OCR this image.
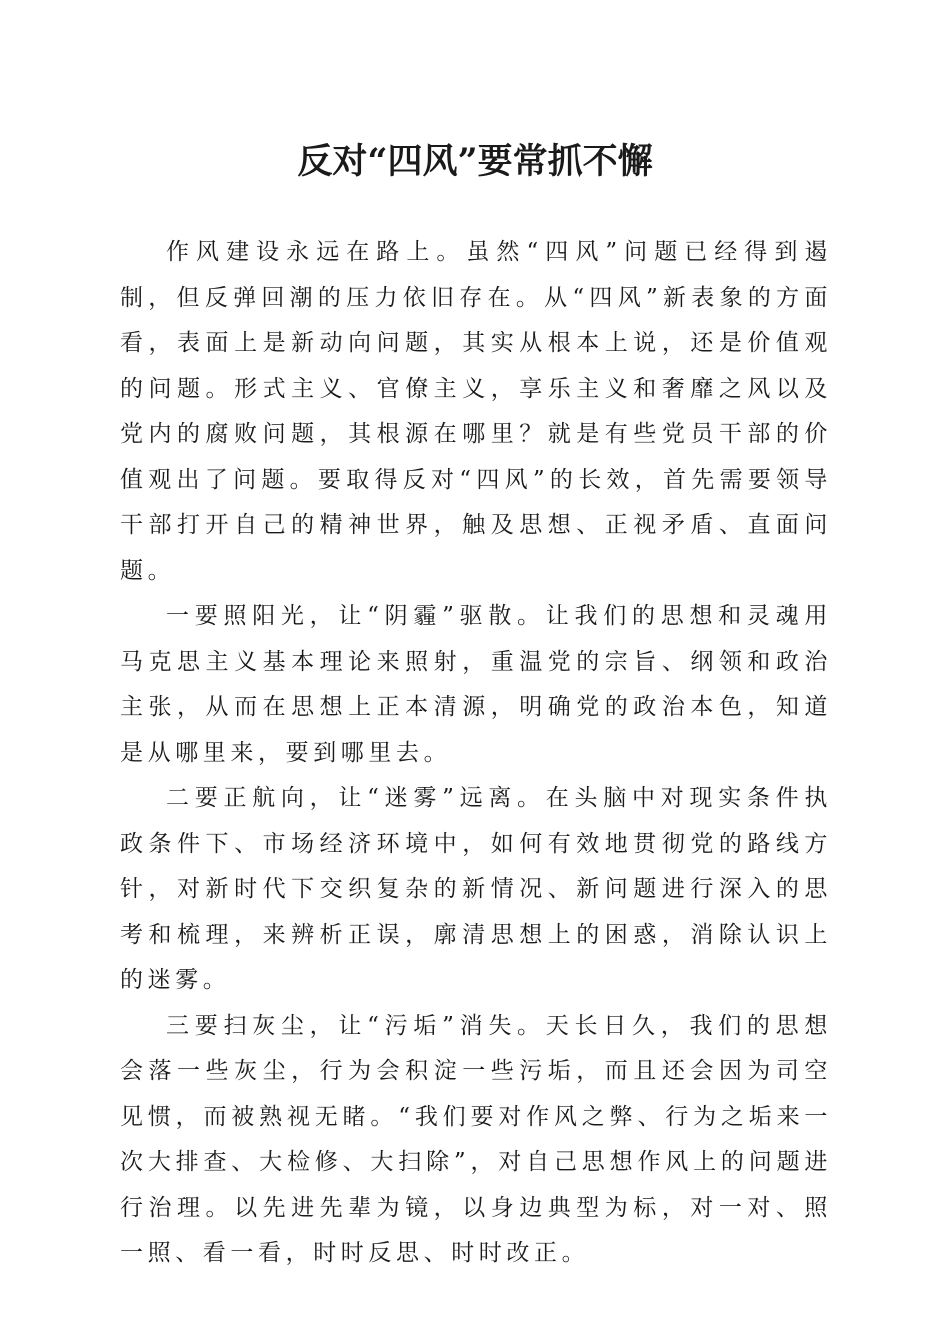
反对“四风”要常抓不懈

作风建设永远在路上。虽然“四风”问题已经得到遏制，但反弹回潮的压力依旧存在。从“四风”新表象的方面看，表面上是新动向问题，其实从根本上说，还是价值观的问题。形式主义、官僚主义，享乐主义和奢靡之风以及党内的腐败问题，其根源在哪里？就是有些党员干部的价值观出了问题。要取得反对“四风”的长效，首先需要领导干部打开自己的精神世界，触及思想、正视矛盾、直面问题。

一要照阳光，让“阴霾”驱散。让我们的思想和灵魂用马克思主义基本理论来照射，重温党的宗旨、纲领和政治主张，从而在思想上正本清源，明确党的政治本色，知道是从哪里来，要到哪里去。

二要正航向，让“迷雾”远离。在头脑中对现实条件执政条件下、市场经济环境中，如何有效地贯彻党的路线方针，对新时代下交织复杂的新情况、新问题进行深入的思考和梳理，来辨析正误，廓清思想上的困惑，消除认识上的迷雾。

三要扫灰尘，让“污垢”消失。天长日久，我们的思想会落一些灰尘，行为会积淀一些污垢，而且还会因为司空见惯，而被熟视无睹。“我们要对作风之弊、行为之垢来一次大排查、大检修、大扫除”，对自己思想作风上的问题进行治理。以先进先辈为镜，以身边典型为标，对一对、照一照、看一看，时时反思、时时改正。
